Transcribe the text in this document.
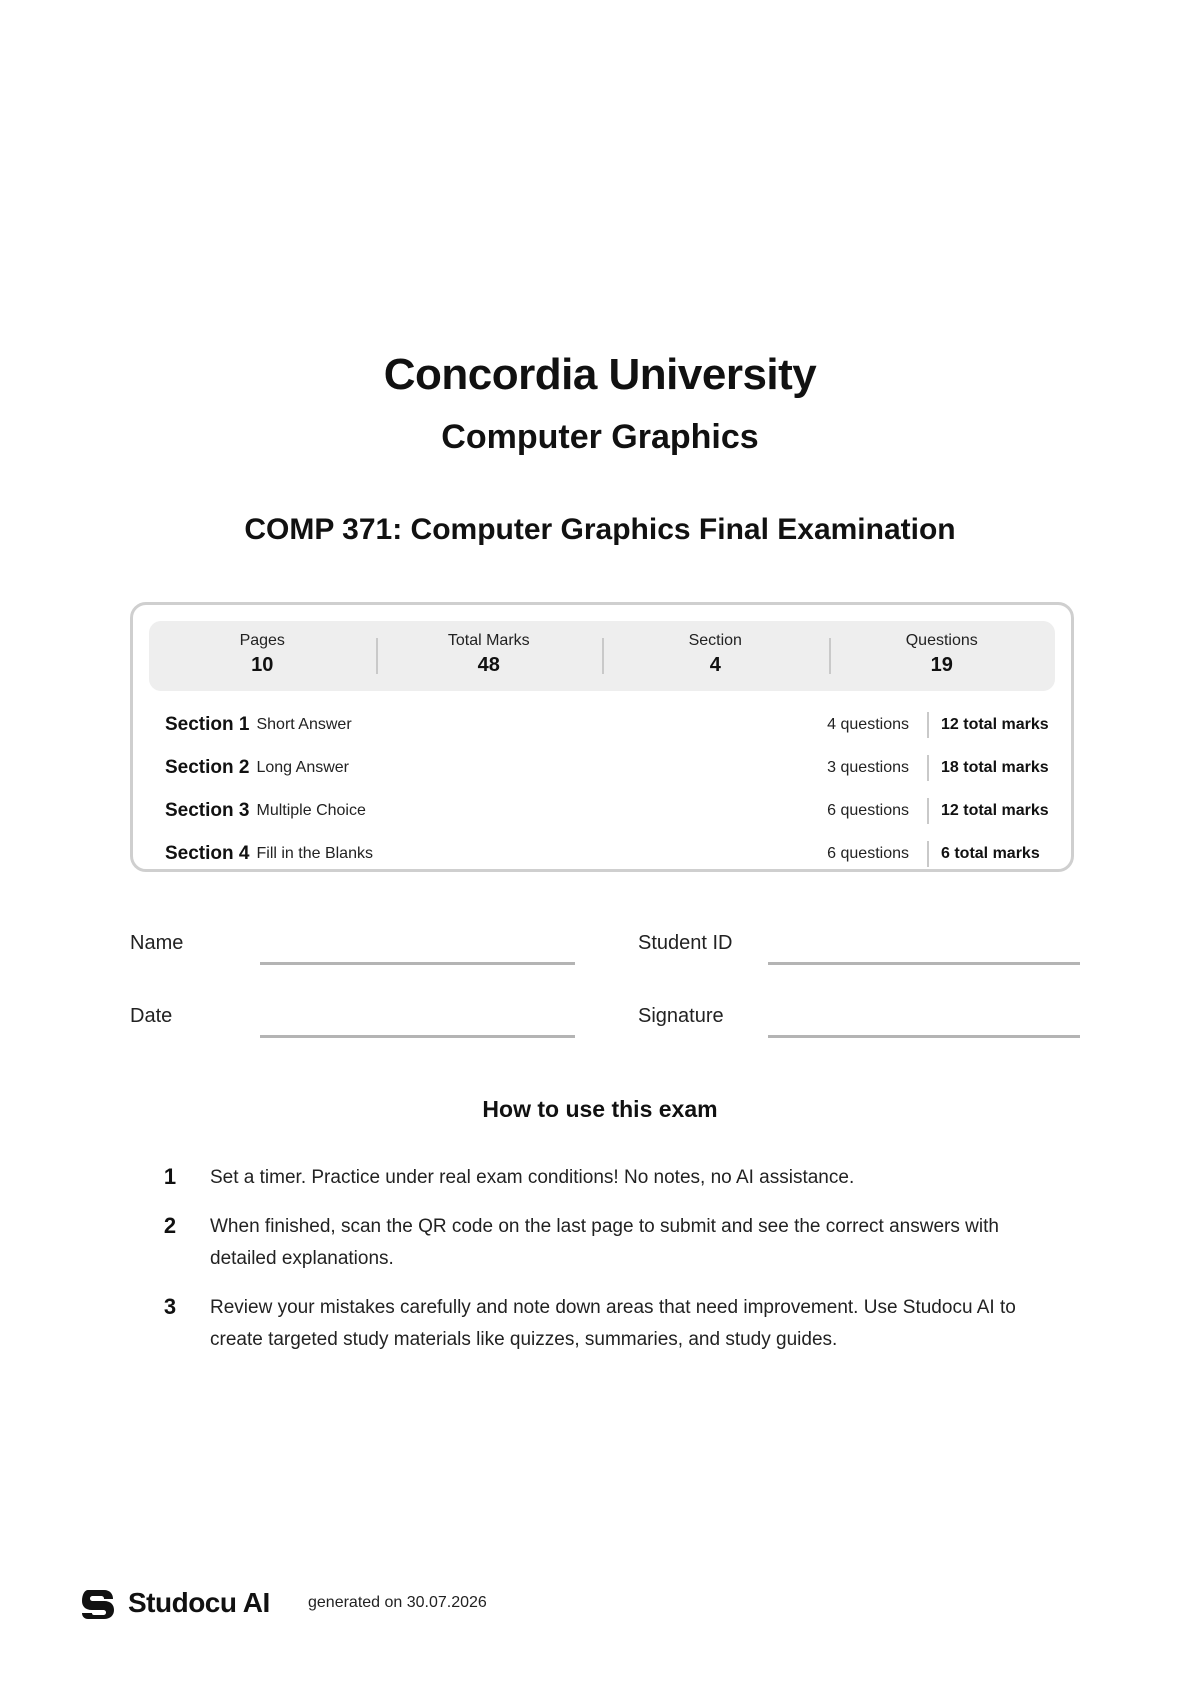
Concordia University
Computer Graphics
COMP 371: Computer Graphics Final Examination
Pages
10
Total Marks
48
Section
4
Questions
19
Section 1 Short Answer	4 questions 12 total marks
Section 2 Long Answer	3 questions 18 total marks
Section 3 Multiple Choice	6 questions 12 total marks
Section 4 Fill in the Blanks	6 questions 6 total marks
Name	Student ID
Date	Signature
How to use this exam
1 Set a timer. Practice under real exam conditions! No notes, no AI assistance.
2 When finished, scan the QR code on the last page to submit and see the correct answers with detailed explanations.
3 Review your mistakes carefully and note down areas that need improvement. Use Studocu AI to create targeted study materials like quizzes, summaries, and study guides.
Studocu AI generated on 30.07.2026
